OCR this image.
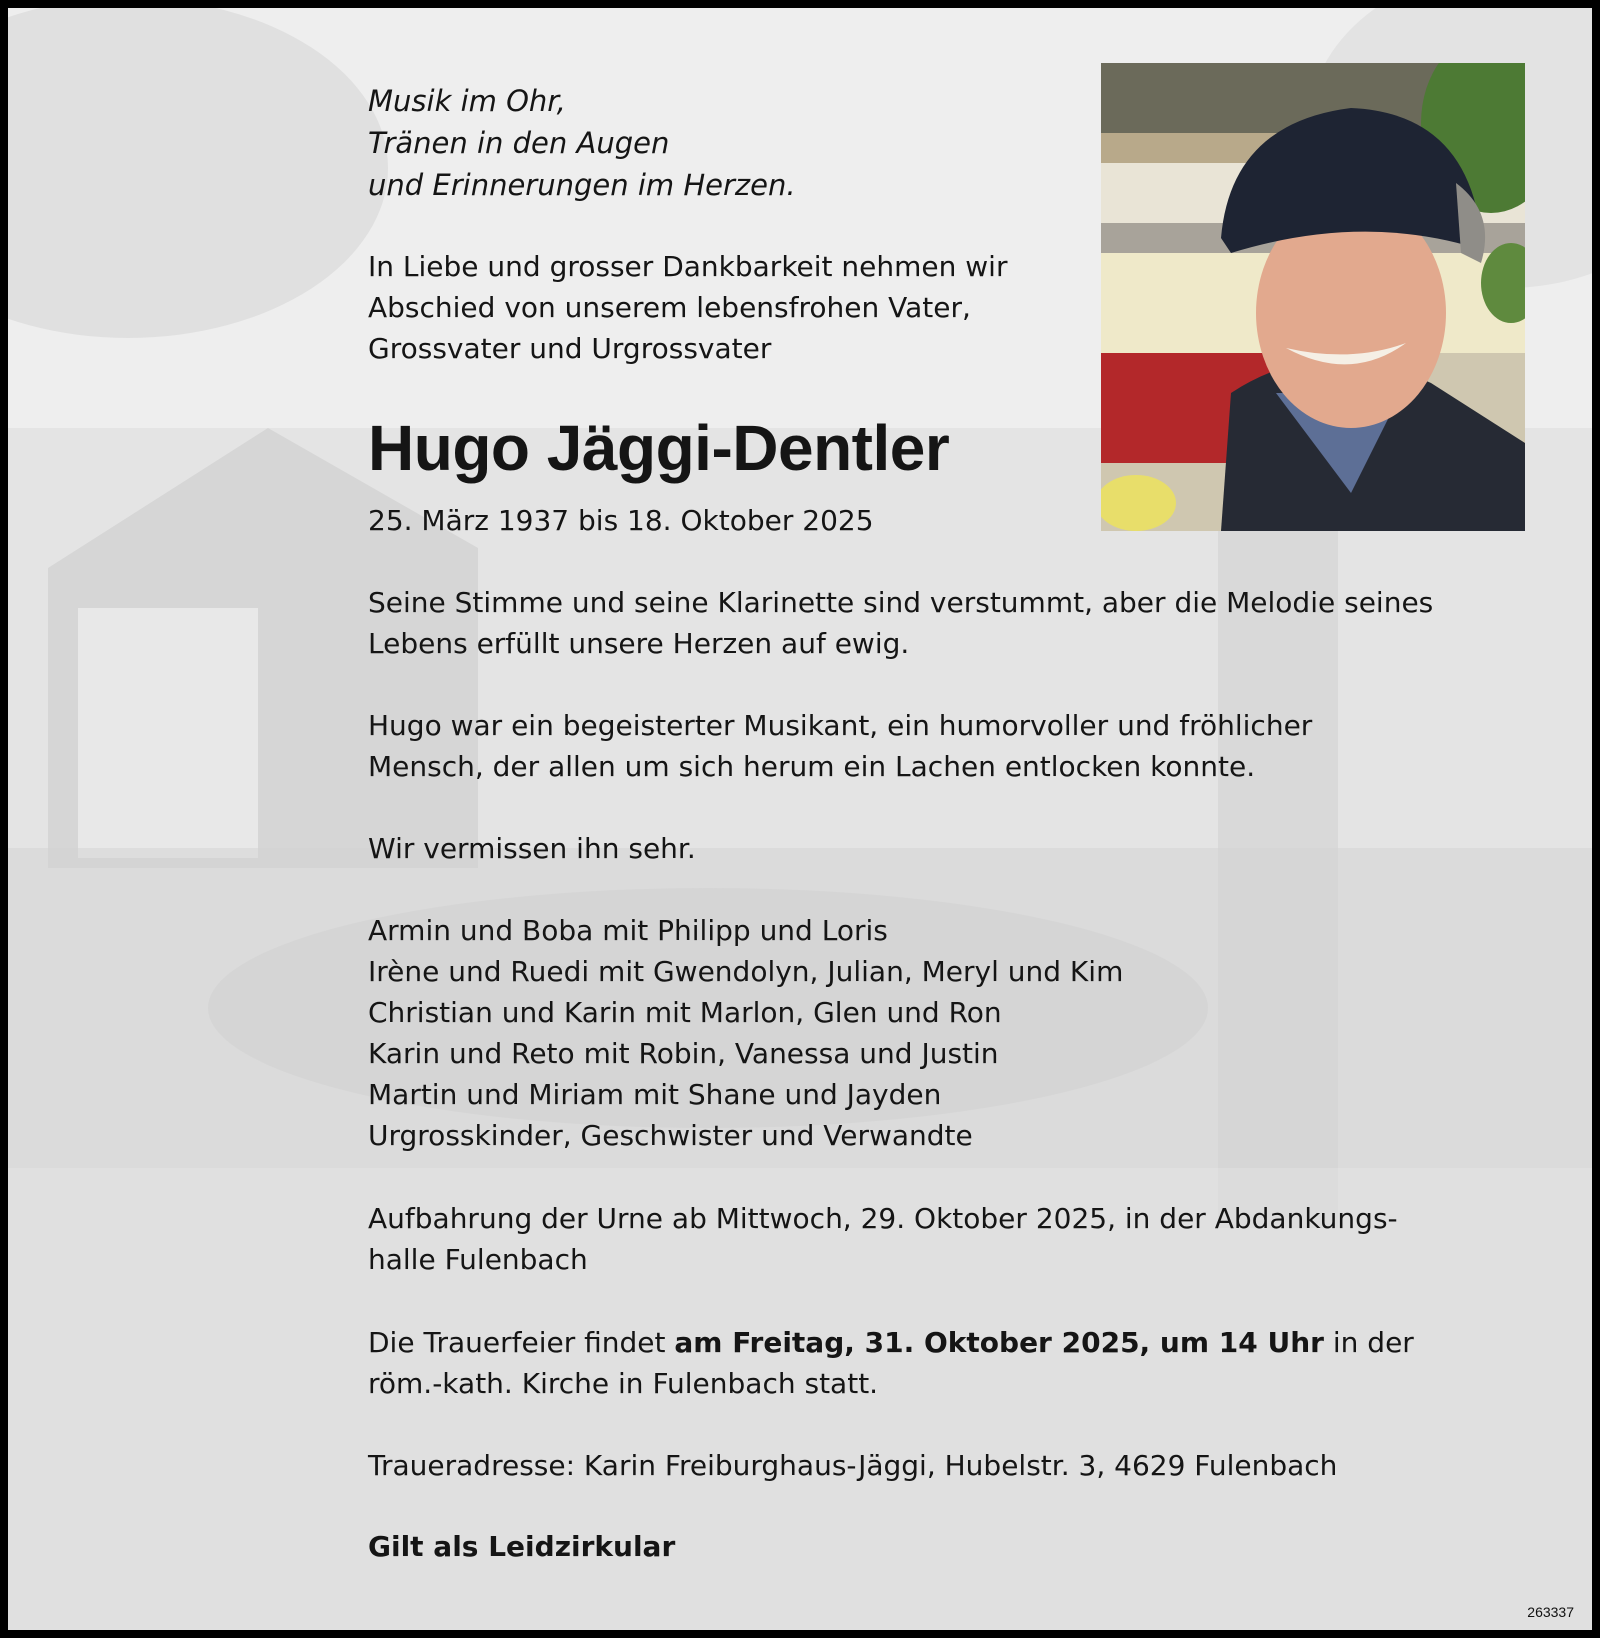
Musik im Ohr,
Tränen in den Augen
und Erinnerungen im Herzen.
In Liebe und grosser Dankbarkeit nehmen wir
Abschied von unserem lebensfrohen Vater,
Grossvater und Urgrossvater
Hugo Jäggi-Dentler
25. März 1937 bis 18. Oktober 2025
Seine Stimme und seine Klarinette sind verstummt, aber die Melodie seines
Lebens erfüllt unsere Herzen auf ewig.
Hugo war ein begeisterter Musikant, ein humorvoller und fröhlicher
Mensch, der allen um sich herum ein Lachen entlocken konnte.
Wir vermissen ihn sehr.
Armin und Boba mit Philipp und Loris
Irène und Ruedi mit Gwendolyn, Julian, Meryl und Kim
Christian und Karin mit Marlon, Glen und Ron
Karin und Reto mit Robin, Vanessa und Justin
Martin und Miriam mit Shane und Jayden
Urgrosskinder, Geschwister und Verwandte
Aufbahrung der Urne ab Mittwoch, 29. Oktober 2025, in der Abdankungs-
halle Fulenbach
Die Trauerfeier findet am Freitag, 31. Oktober 2025, um 14 Uhr in der
röm.-kath. Kirche in Fulenbach statt.
Traueradresse: Karin Freiburghaus-Jäggi, Hubelstr. 3, 4629 Fulenbach
Gilt als Leidzirkular
263337
